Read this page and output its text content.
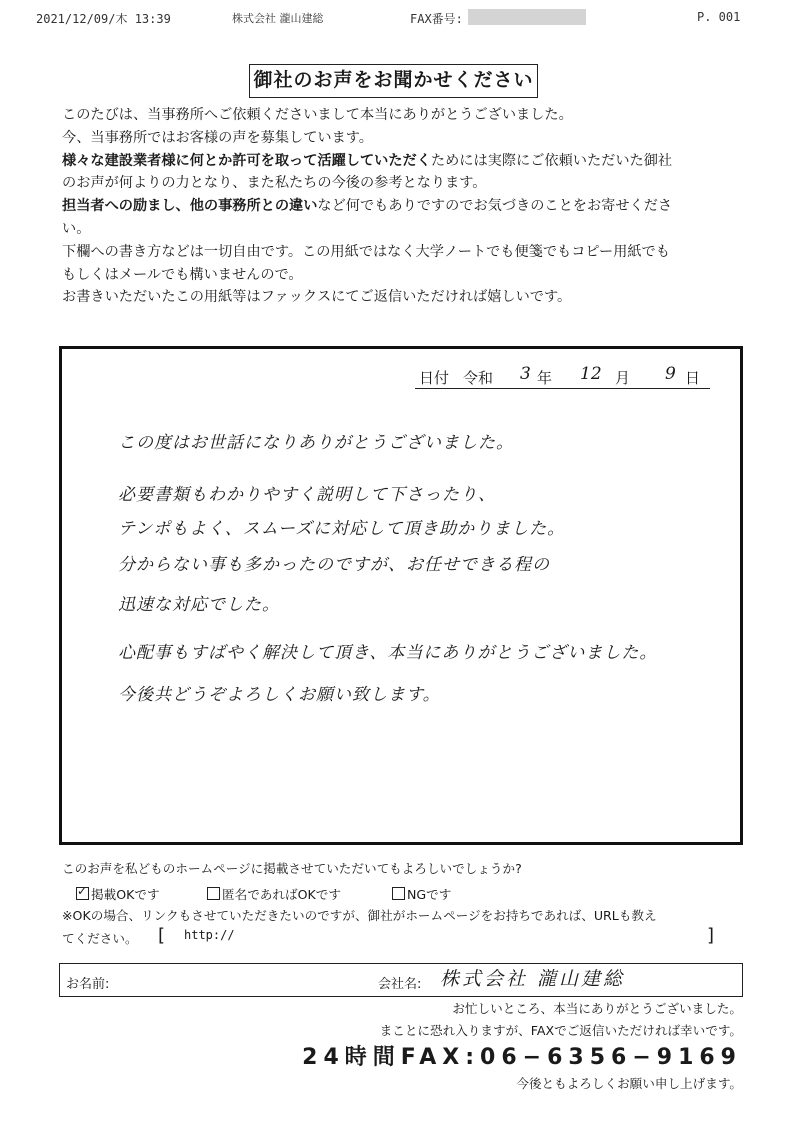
2021/12/09/木 13:39	株式会社 瀧山建総	FAX番号:	P. 001
御社のお声をお聞かせください

このたびは、当事務所へご依頼くださいまして本当にありがとうございました。

今、当事務所ではお客様の声を募集しています。

様々な建設業者様に何とか許可を取って活躍していただくためには実際にご依頼いただいた御社

のお声が何よりの力となり、また私たちの今後の参考となります。

担当者への励まし、他の事務所との違いなど何でもありですのでお気づきのことをお寄せくださ

い。

下欄への書き方などは一切自由です。この用紙ではなく大学ノートでも便箋でもコピー用紙でも

もしくはメールでも構いませんので。

お書きいただいたこの用紙等はファックスにてご返信いただければ嬉しいです。

日付 令和 3 年 12 月 9 日
この度はお世話になりありがとうございました。
必要書類もわかりやすく説明して下さったり、
テンポもよく、スムーズに対応して頂き助かりました。
分からない事も多かったのですが、お任せできる程の
迅速な対応でした。
心配事もすばやく解決して頂き、本当にありがとうございました。
今後共どうぞよろしくお願い致します。

このお声を私どものホームページに掲載させていただいてもよろしいでしょうか?

✓掲載OKです	匿名であればOKです	NGです

※OKの場合、リンクもさせていただきたいのですが、御社がホームページをお持ちであれば、URLも教え

てください。 [ http://	]
お名前:	会社名: 株式会社 瀧山建総
お忙しいところ、本当にありがとうございました。
まことに恐れ入りますが、FAXでご返信いただければ幸いです。
24時間FAX:06−6356−9169
今後ともよろしくお願い申し上げます。
